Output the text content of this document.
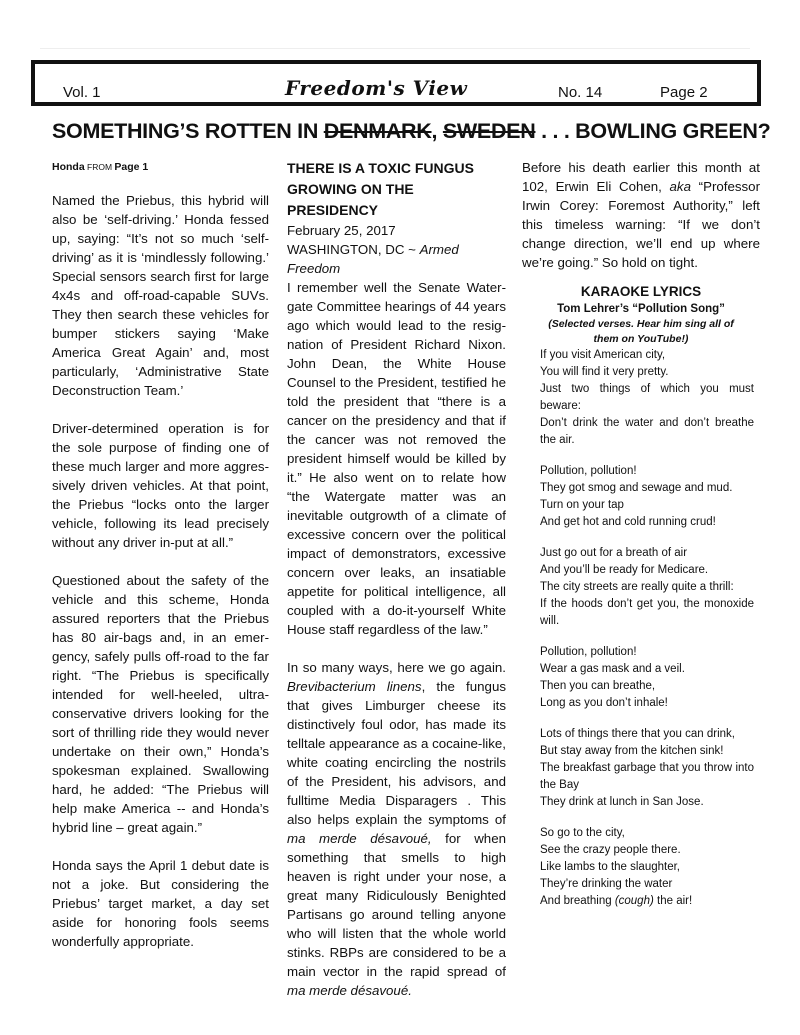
Vol. 1	Freedom's View	No. 14	Page 2
SOMETHING’S ROTTEN IN DENMARK, SWEDEN . . . BOWLING GREEN?

Honda FROM Page 1

Named the Priebus, this hybrid will also be ‘self-driving.’ Honda fessed up, saying: “It’s not so much ‘self-driving’ as it is ‘mindlessly following.’ Special sensors search first for large 4x4s and off-road-capable SUVs. They then search these vehicles for bumper stickers saying ‘Make America Great Again’ and, most particularly, ‘Administrative State Deconstruction Team.’

Driver-determined operation is for the sole purpose of finding one of these much larger and more aggressively driven vehicles. At that point, the Priebus “locks onto the larger vehicle, following its lead precisely without any driver in-put at all.”

Questioned about the safety of the vehicle and this scheme, Honda assured reporters that the Priebus has 80 air-bags and, in an emergency, safely pulls off-road to the far right. “The Priebus is specifically intended for well-heeled, ultra-conservative drivers looking for the sort of thrilling ride they would never undertake on their own,” Honda’s spokesman explained. Swallowing hard, he added: “The Priebus will help make America -- and Honda’s hybrid line – great again.”

Honda says the April 1 debut date is not a joke. But considering the Priebus’ target market, a day set aside for honoring fools seems wonderfully appropriate.

THERE IS A TOXIC FUNGUS GROWING ON THE PRESIDENCY

February 25, 2017

WASHINGTON, DC ~ Armed Freedom

I remember well the Senate Watergate Committee hearings of 44 years ago which would lead to the resignation of President Richard Nixon. John Dean, the White House Counsel to the President, testified he told the president that “there is a cancer on the presidency and that if the cancer was not removed the president himself would be killed by it.” He also went on to relate how “the Watergate matter was an inevitable outgrowth of a climate of excessive concern over the political impact of demonstrators, excessive concern over leaks, an insatiable appetite for political intelligence, all coupled with a do-it-yourself White House staff regardless of the law.”

In so many ways, here we go again. Brevibacterium linens, the fungus that gives Limburger cheese its distinctively foul odor, has made its telltale appearance as a cocaine-like, white coating encircling the nostrils of the President, his advisors, and fulltime Media Disparagers . This also helps explain the symptoms of ma merde désavoué, for when something that smells to high heaven is right under your nose, a great many Ridiculously Benighted Partisans go around telling anyone who will listen that the whole world stinks. RBPs are considered to be a main vector in the rapid spread of ma merde désavoué.

Before his death earlier this month at 102, Erwin Eli Cohen, aka “Professor Irwin Corey: Foremost Authority,” left this timeless warning: “If we don’t change direction, we’ll end up where we’re going.” So hold on tight.

KARAOKE LYRICS
Tom Lehrer’s “Pollution Song”
(Selected verses. Hear him sing all of them on YouTube!)
If you visit American city,
You will find it very pretty.
Just two things of which you must beware:
Don’t drink the water and don’t breathe the air.
Pollution, pollution!
They got smog and sewage and mud.
Turn on your tap
And get hot and cold running crud!
Just go out for a breath of air
And you’ll be ready for Medicare.
The city streets are really quite a thrill:
If the hoods don’t get you, the monoxide will.
Pollution, pollution!
Wear a gas mask and a veil.
Then you can breathe,
Long as you don’t inhale!
Lots of things there that you can drink,
But stay away from the kitchen sink!
The breakfast garbage that you throw into the Bay
They drink at lunch in San Jose.
So go to the city,
See the crazy people there.
Like lambs to the slaughter,
They’re drinking the water
And breathing (cough) the air!
